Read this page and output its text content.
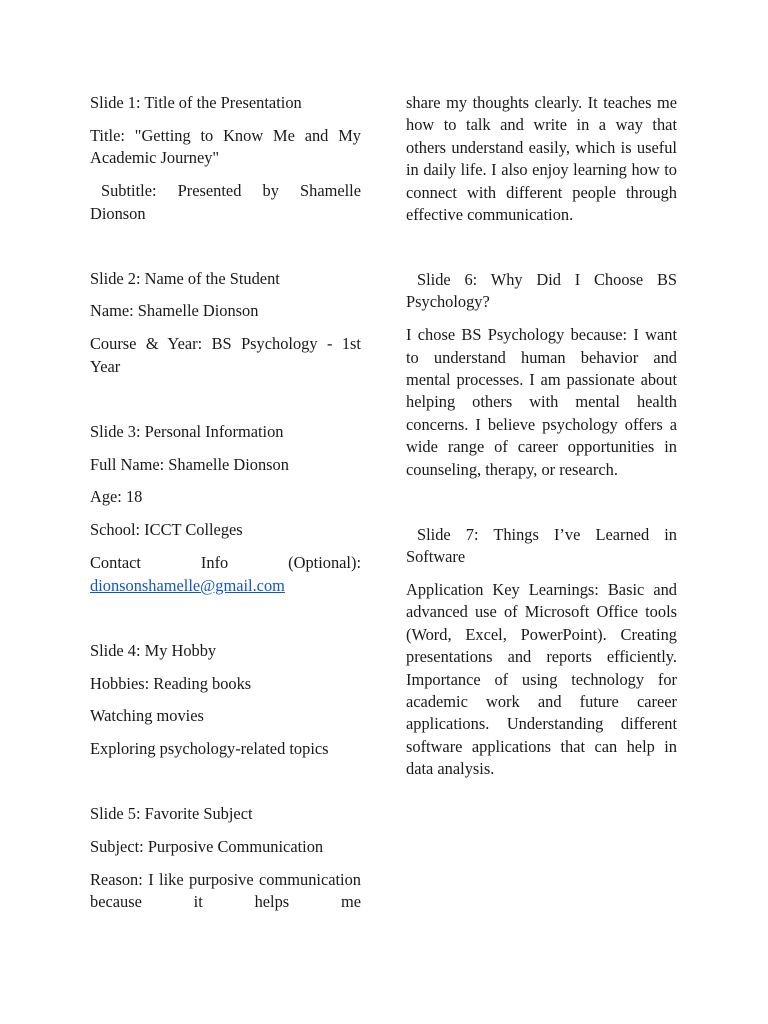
Slide 1: Title of the Presentation

Title: "Getting to Know Me and My Academic Journey"

Subtitle: Presented by Shamelle Dionson

Slide 2: Name of the Student

Name: Shamelle Dionson

Course & Year: BS Psychology - 1st Year

Slide 3: Personal Information

Full Name: Shamelle Dionson

Age: 18

School: ICCT Colleges

Contact Info (Optional):

dionsonshamelle@gmail.com

Slide 4: My Hobby

Hobbies: Reading books

Watching movies

Exploring psychology-related topics

Slide 5: Favorite Subject

Subject: Purposive Communication

Reason: I like purposive communication because it helps me

share my thoughts clearly. It teaches me how to talk and write in a way that others understand easily, which is useful in daily life. I also enjoy learning how to connect with different people through effective communication.

Slide 6: Why Did I Choose BS Psychology?

I chose BS Psychology because: I want to understand human behavior and mental processes. I am passionate about helping others with mental health concerns. I believe psychology offers a wide range of career opportunities in counseling, therapy, or research.

Slide 7: Things I’ve Learned in Software

Application Key Learnings: Basic and advanced use of Microsoft Office tools (Word, Excel, PowerPoint). Creating presentations and reports efficiently. Importance of using technology for academic work and future career applications. Understanding different software applications that can help in data analysis.
